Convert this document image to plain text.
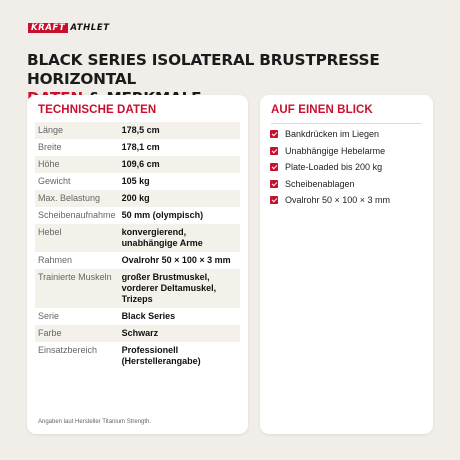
KRAFT ATHLET
BLACK SERIES ISOLATERAL BRUSTPRESSE HORIZONTAL
TECHNISCHE DATEN
Länge	178,5 cm
Breite	178,1 cm
Höhe	109,6 cm
Gewicht	105 kg
Max. Belastung	200 kg
Scheibenaufnahme	50 mm (olympisch)
Hebel	konvergierend, unabhängige Arme
Rahmen	Ovalrohr 50 × 100 × 3 mm
Trainierte Muskeln	großer Brustmuskel, vorderer Deltamuskel, Trizeps
Serie	Black Series
Farbe	Schwarz
Einsatzbereich	Professionell (Herstellerangabe)
Angaben laut Hersteller Titanium Strength.
AUF EINEN BLICK
Bankdrücken im Liegen
Unabhängige Hebelarme
Plate-Loaded bis 200 kg
Scheibenablagen
Ovalrohr 50 × 100 × 3 mm
